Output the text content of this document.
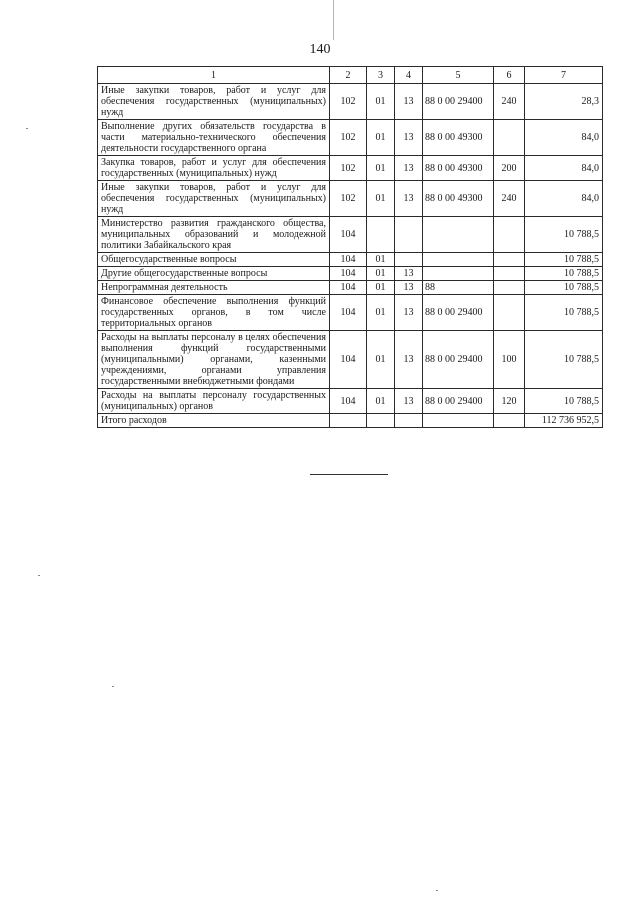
140
1	2	3	4	5	6	7
Иные закупки товаров, работ и услуг для обеспечения государственных (муниципальных) нужд	102	01	13	88 0 00 29400	240	28,3
Выполнение других обязательств государства в части материально-технического обеспечения деятельности государственного органа	102	01	13	88 0 00 49300		84,0
Закупка товаров, работ и услуг для обеспечения государственных (муниципальных) нужд	102	01	13	88 0 00 49300	200	84,0
Иные закупки товаров, работ и услуг для обеспечения государственных (муниципальных) нужд	102	01	13	88 0 00 49300	240	84,0
Министерство развития гражданского общества, муниципальных образований и молодежной политики Забайкальского края	104					10 788,5
Общегосударственные вопросы	104	01				10 788,5
Другие общегосударственные вопросы	104	01	13			10 788,5
Непрограммная деятельность	104	01	13	88		10 788,5
Финансовое обеспечение выполнения функций государственных органов, в том числе территориальных органов	104	01	13	88 0 00 29400		10 788,5
Расходы на выплаты персоналу в целях обеспечения выполнения функций государственными (муниципальными) органами, казенными учреждениями, органами управления государственными внебюджетными фондами	104	01	13	88 0 00 29400	100	10 788,5
Расходы на выплаты персоналу государственных (муниципальных) органов	104	01	13	88 0 00 29400	120	10 788,5
Итого расходов						112 736 952,5
